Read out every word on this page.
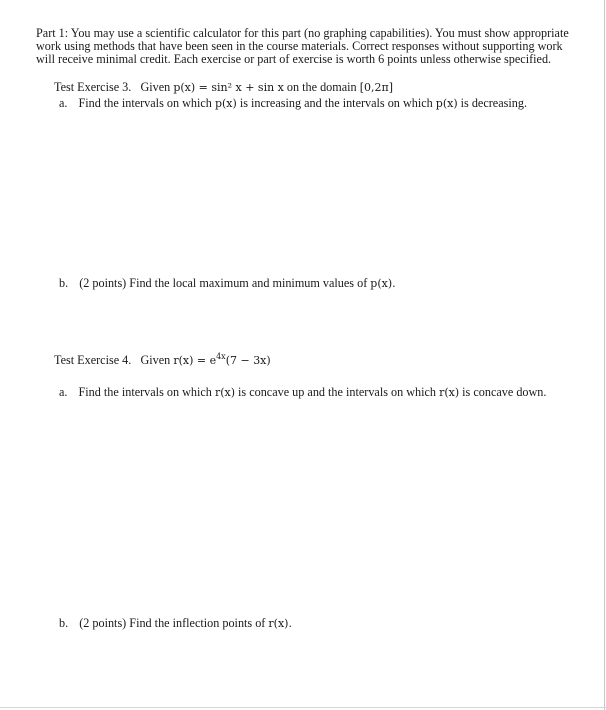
Part 1: You may use a scientific calculator for this part (no graphing capabilities). You must show appropriate
work using methods that have been seen in the course materials. Correct responses without supporting work
will receive minimal credit. Each exercise or part of exercise is worth 6 points unless otherwise specified.
Test Exercise 3. Given p(x) = sin² x + sin x on the domain [0,2π]
a. Find the intervals on which p(x) is increasing and the intervals on which p(x) is decreasing.
b. (2 points) Find the local maximum and minimum values of p(x).
Test Exercise 4. Given $r(x) = e^{4x}(7 - 3x)$
a. Find the intervals on which r(x) is concave up and the intervals on which r(x) is concave down.
b. (2 points) Find the inflection points of r(x).
